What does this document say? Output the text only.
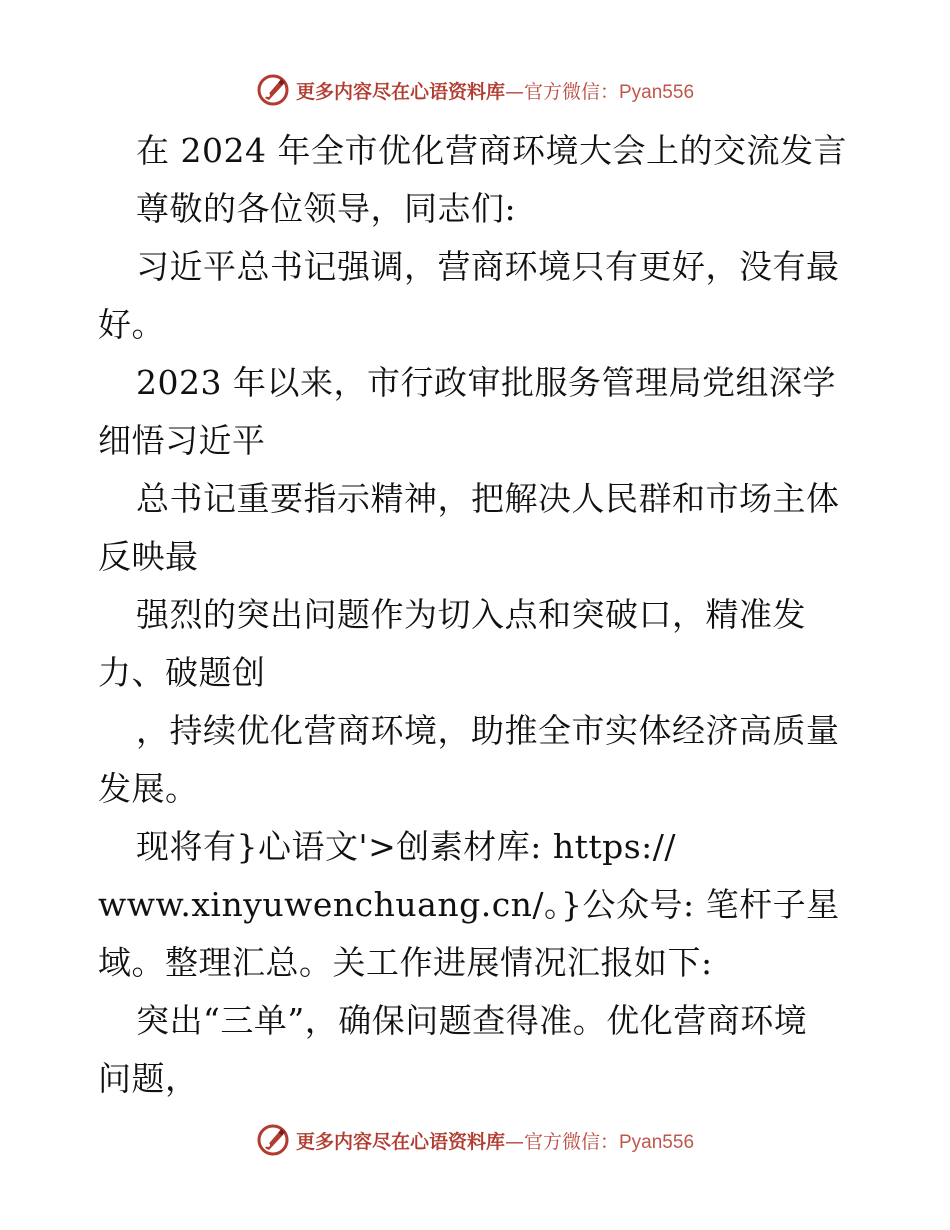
更多内容尽在心语资料库—官方微信：Pyan556
在 2024 年全市优化营商环境大会上的交流发言
尊敬的各位领导，同志们:
习近平总书记强调，营商环境只有更好，没有最
好。
2023 年以来，市行政审批服务管理局党组深学
细悟习近平
总书记重要指示精神，把解决人民群和市场主体
反映最
强烈的突出问题作为切入点和突破口，精准发
力、破题创
，持续优化营商环境，助推全市实体经济高质量
发展。
现将有}心语文'>创素材库: https://
www.xinyuwenchuang.cn/。}公众号: 笔杆子星
域。整理汇总。关工作进展情况汇报如下:
突出“三单”，确保问题查得准。优化营商环境
问题，
更多内容尽在心语资料库—官方微信：Pyan556
